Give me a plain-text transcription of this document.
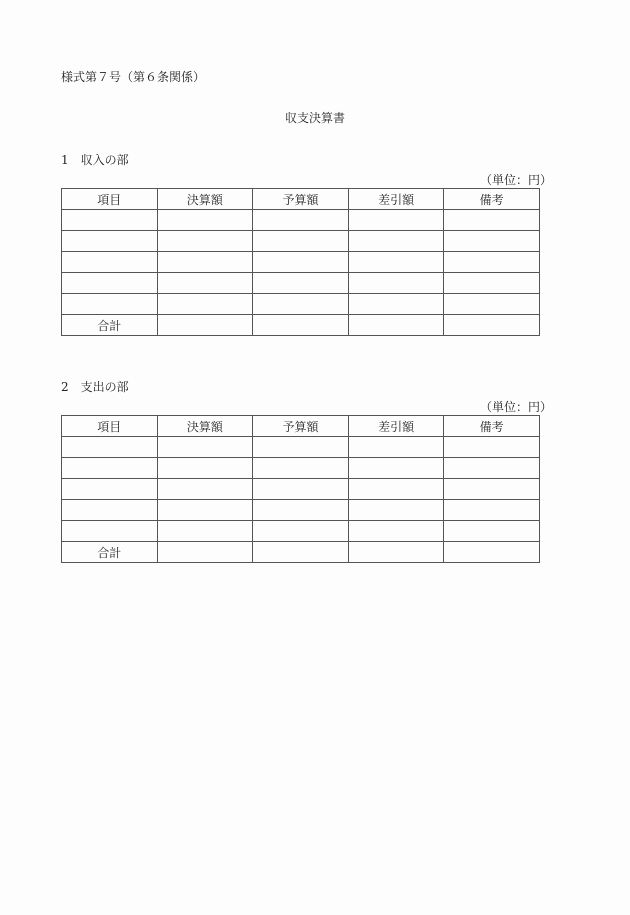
様式第７号（第６条関係）
収支決算書
1　収入の部
（単位：円）
項目	決算額	予算額	差引額	備考

合計				
2　支出の部
（単位：円）
項目	決算額	予算額	差引額	備考

合計				
